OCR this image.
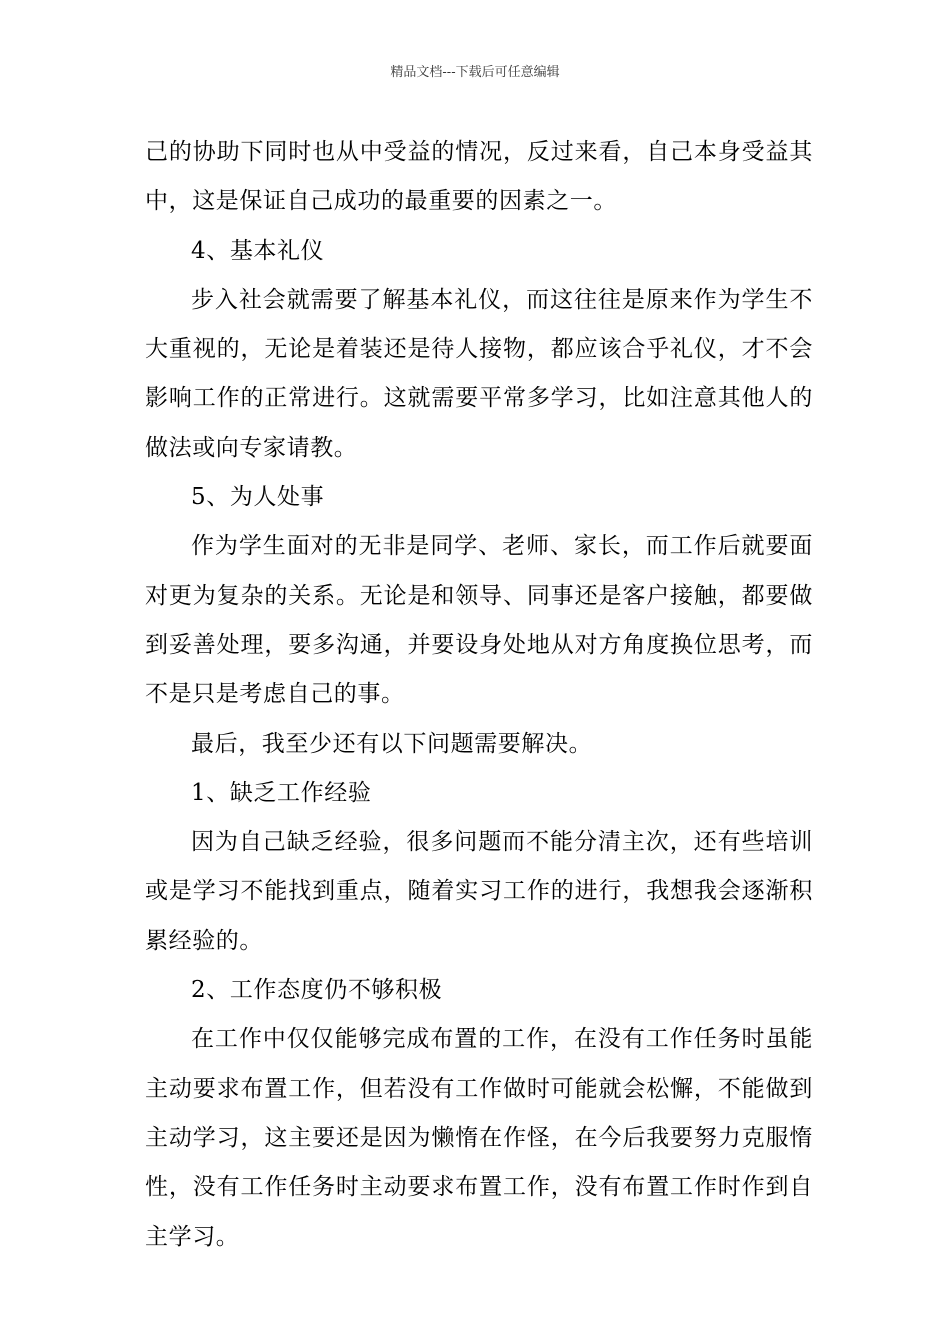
精品文档---下载后可任意编辑

己的协助下同时也从中受益的情况，反过来看，自己本身受益其中，这是保证自己成功的最重要的因素之一。

4、基本礼仪

步入社会就需要了解基本礼仪，而这往往是原来作为学生不大重视的，无论是着装还是待人接物，都应该合乎礼仪，才不会影响工作的正常进行。这就需要平常多学习，比如注意其他人的做法或向专家请教。

5、为人处事

作为学生面对的无非是同学、老师、家长，而工作后就要面对更为复杂的关系。无论是和领导、同事还是客户接触，都要做到妥善处理，要多沟通，并要设身处地从对方角度换位思考，而不是只是考虑自己的事。

最后，我至少还有以下问题需要解决。

1、缺乏工作经验

因为自己缺乏经验，很多问题而不能分清主次，还有些培训或是学习不能找到重点，随着实习工作的进行，我想我会逐渐积累经验的。

2、工作态度仍不够积极

在工作中仅仅能够完成布置的工作，在没有工作任务时虽能主动要求布置工作，但若没有工作做时可能就会松懈，不能做到主动学习，这主要还是因为懒惰在作怪，在今后我要努力克服惰性，没有工作任务时主动要求布置工作，没有布置工作时作到自主学习。
